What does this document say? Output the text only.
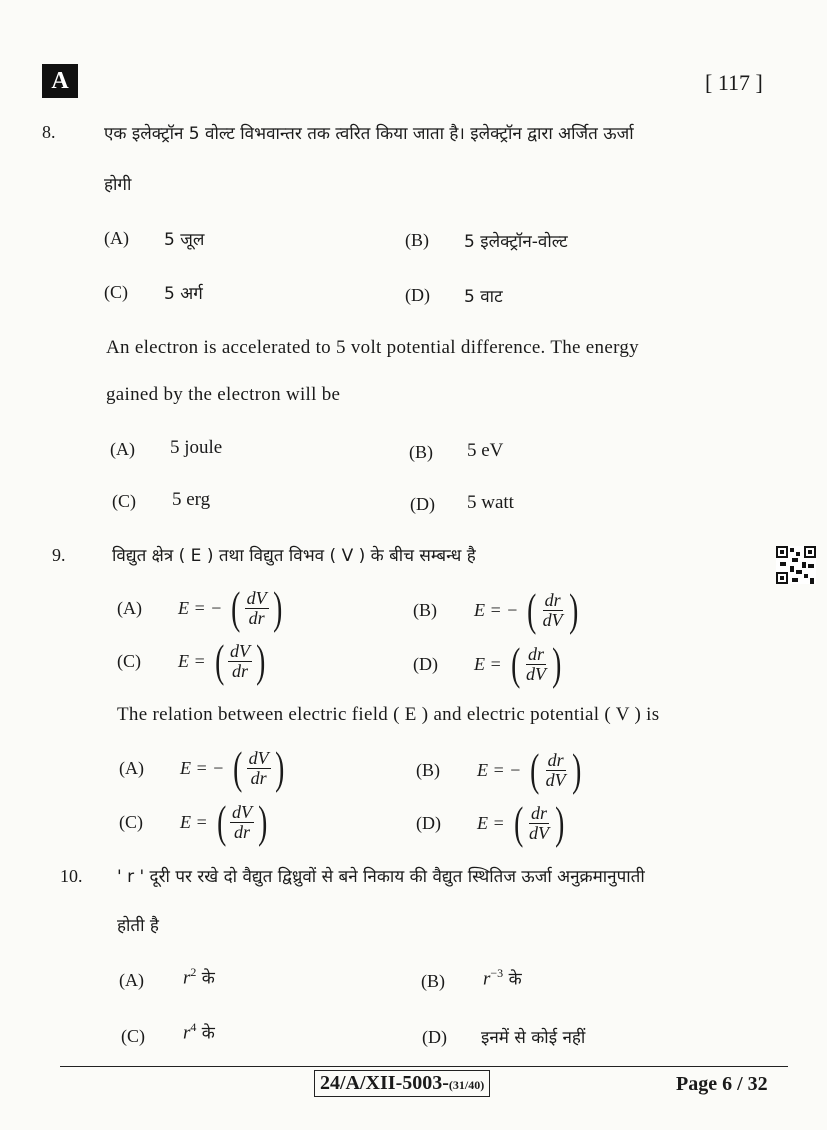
A	[ 117 ]
8.	एक इलेक्ट्रॉन 5 वोल्ट विभवान्तर तक त्वरित किया जाता है। इलेक्ट्रॉन द्वारा अर्जित ऊर्जा
होगी
(A) 5 जूल	(B) 5 इलेक्ट्रॉन-वोल्ट
(C) 5 अर्ग	(D) 5 वाट
An electron is accelerated to 5 volt potential difference. The energy
gained by the electron will be
(A) 5 joule	(B) 5 eV
(C) 5 erg	(D) 5 watt
9.	विद्युत क्षेत्र ( E ) तथा विद्युत विभव ( V ) के बीच सम्बन्ध है
(A) E = − ( $\frac{dV}{dr}$ )	(B) E = − ( $\frac{dr}{dV}$ )
(C) E = ( $\frac{dV}{dr}$ )	(D) E = ( $\frac{dr}{dV}$ )
The relation between electric field ( E ) and electric potential ( V ) is
(A) E = − ( $\frac{dV}{dr}$ )	(B) E = − ( $\frac{dr}{dV}$ )
(C) E = ( $\frac{dV}{dr}$ )	(D) E = ( $\frac{dr}{dV}$ )
10. ' r ' दूरी पर रखे दो वैद्युत द्विध्रुवों से बने निकाय की वैद्युत स्थितिज ऊर्जा अनुक्रमानुपाती
होती है
(A) $r^2$ के	(B) $r^{-3}$ के
(C) $r^4$ के	(D) इनमें से कोई नहीं
24/A/XII-5003-(31/40)	Page 6 / 32
